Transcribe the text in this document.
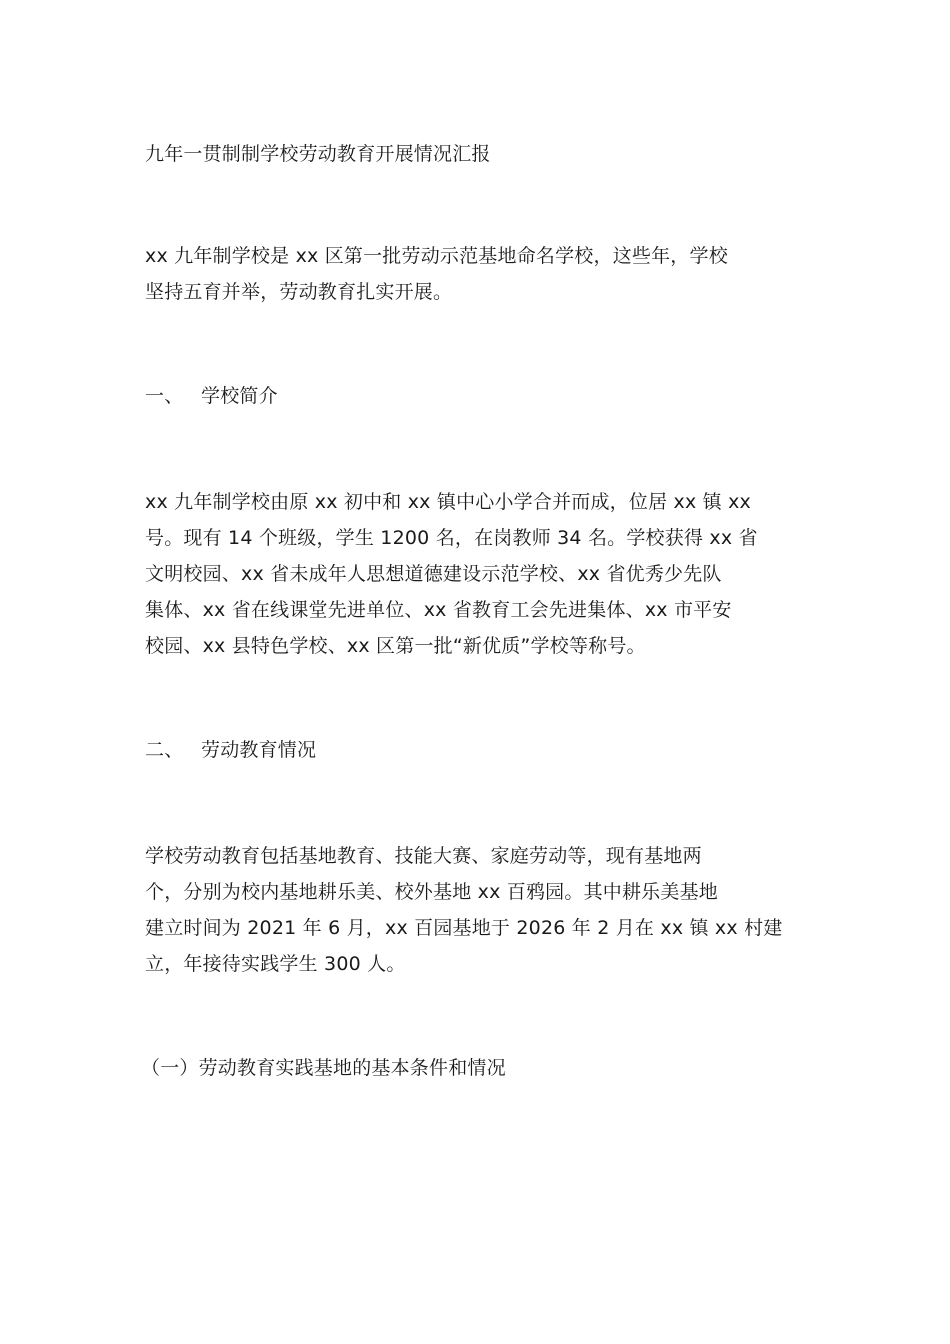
九年一贯制制学校劳动教育开展情况汇报

xx 九年制学校是 xx 区第一批劳动示范基地命名学校，这些年，学校

坚持五育并举，劳动教育扎实开展。

一、 学校简介

xx 九年制学校由原 xx 初中和 xx 镇中心小学合并而成，位居 xx 镇 xx

号。现有 14 个班级，学生 1200 名，在岗教师 34 名。学校获得 xx 省

文明校园、xx 省未成年人思想道德建设示范学校、xx 省优秀少先队

集体、xx 省在线课堂先进单位、xx 省教育工会先进集体、xx 市平安

校园、xx 县特色学校、xx 区第一批“新优质”学校等称号。

二、 劳动教育情况

学校劳动教育包括基地教育、技能大赛、家庭劳动等，现有基地两

个，分别为校内基地耕乐美、校外基地 xx 百鸦园。其中耕乐美基地

建立时间为 2021 年 6 月，xx 百园基地于 2026 年 2 月在 xx 镇 xx 村建

立，年接待实践学生 300 人。

（一）劳动教育实践基地的基本条件和情况
